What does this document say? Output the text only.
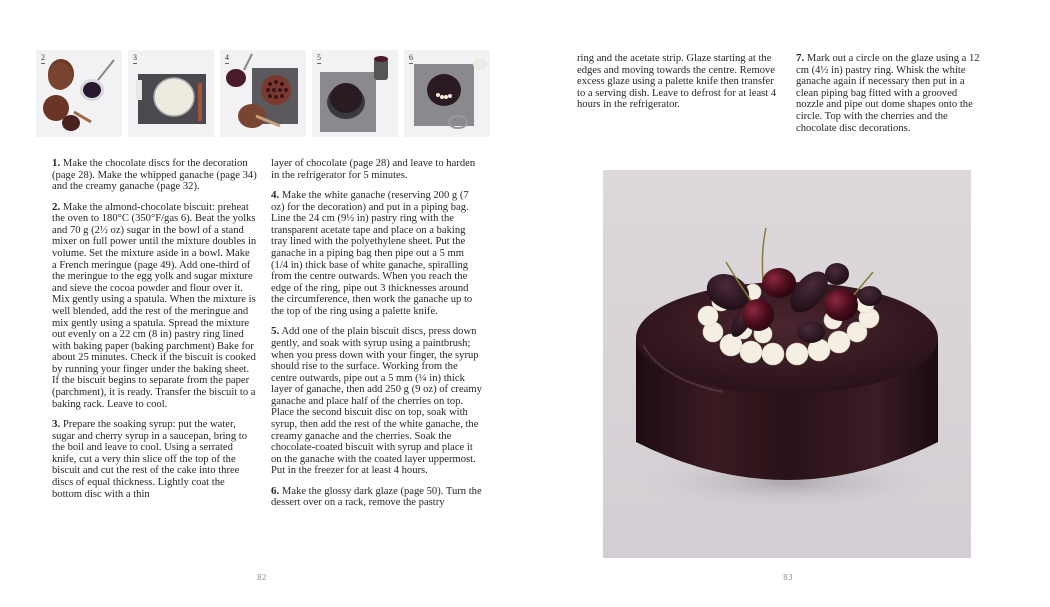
2	3	4	5	6

1. Make the chocolate discs for the decoration (page 28). Make the whipped ganache (page 34) and the creamy ganache (page 32).

2. Make the almond-chocolate biscuit: preheat the oven to 180°C (350°F/gas 6). Beat the yolks and 70 g (2½ oz) sugar in the bowl of a stand mixer on full power until the mixture doubles in volume. Set the mixture aside in a bowl. Make a French meringue (page 49). Add one-third of the meringue to the egg yolk and sugar mixture and sieve the cocoa powder and flour over it. Mix gently using a spatula. When the mixture is well blended, add the rest of the meringue and mix gently using a spatula. Spread the mixture out evenly on a 22 cm (8 in) pastry ring lined with baking paper (baking parchment) Bake for about 25 minutes. Check if the biscuit is cooked by running your finger under the baking sheet. If the biscuit begins to separate from the paper (parchment), it is ready. Transfer the biscuit to a baking rack. Leave to cool.

3. Prepare the soaking syrup: put the water, sugar and cherry syrup in a saucepan, bring to the boil and leave to cool. Using a serrated knife, cut a very thin slice off the top of the biscuit and cut the rest of the cake into three discs of equal thickness. Lightly coat the bottom disc with a thin

layer of chocolate (page 28) and leave to harden in the refrigerator for 5 minutes.

4. Make the white ganache (reserving 200 g (7 oz) for the decoration) and put in a piping bag. Line the 24 cm (9½ in) pastry ring with the transparent acetate tape and place on a baking tray lined with the polyethylene sheet. Put the ganache in a piping bag then pipe out a 5 mm (1/4 in) thick base of white ganache, spiralling from the centre outwards. When you reach the edge of the ring, pipe out 3 thicknesses around the circumference, then work the ganache up to the top of the ring using a palette knife.

5. Add one of the plain biscuit discs, press down gently, and soak with syrup using a paintbrush; when you press down with your finger, the syrup should rise to the surface. Working from the centre outwards, pipe out a 5 mm (¼ in) thick layer of ganache, then add 250 g (9 oz) of creamy ganache and place half of the cherries on top. Place the second biscuit disc on top, soak with syrup, then add the rest of the white ganache, the creamy ganache and the cherries. Soak the chocolate-coated biscuit with syrup and place it on the ganache with the coated layer uppermost. Put in the freezer for at least 4 hours.

6. Make the glossy dark glaze (page 50). Turn the dessert over on a rack, remove the pastry

82	83

ring and the acetate strip. Glaze starting at the edges and moving towards the centre. Remove excess glaze using a palette knife then transfer to a serving dish. Leave to defrost for at least 4 hours in the refrigerator.

7. Mark out a circle on the glaze using a 12 cm (4½ in) pastry ring. Whisk the white ganache again if necessary then put in a clean piping bag fitted with a grooved nozzle and pipe out dome shapes onto the circle. Top with the cherries and the chocolate disc decorations.
